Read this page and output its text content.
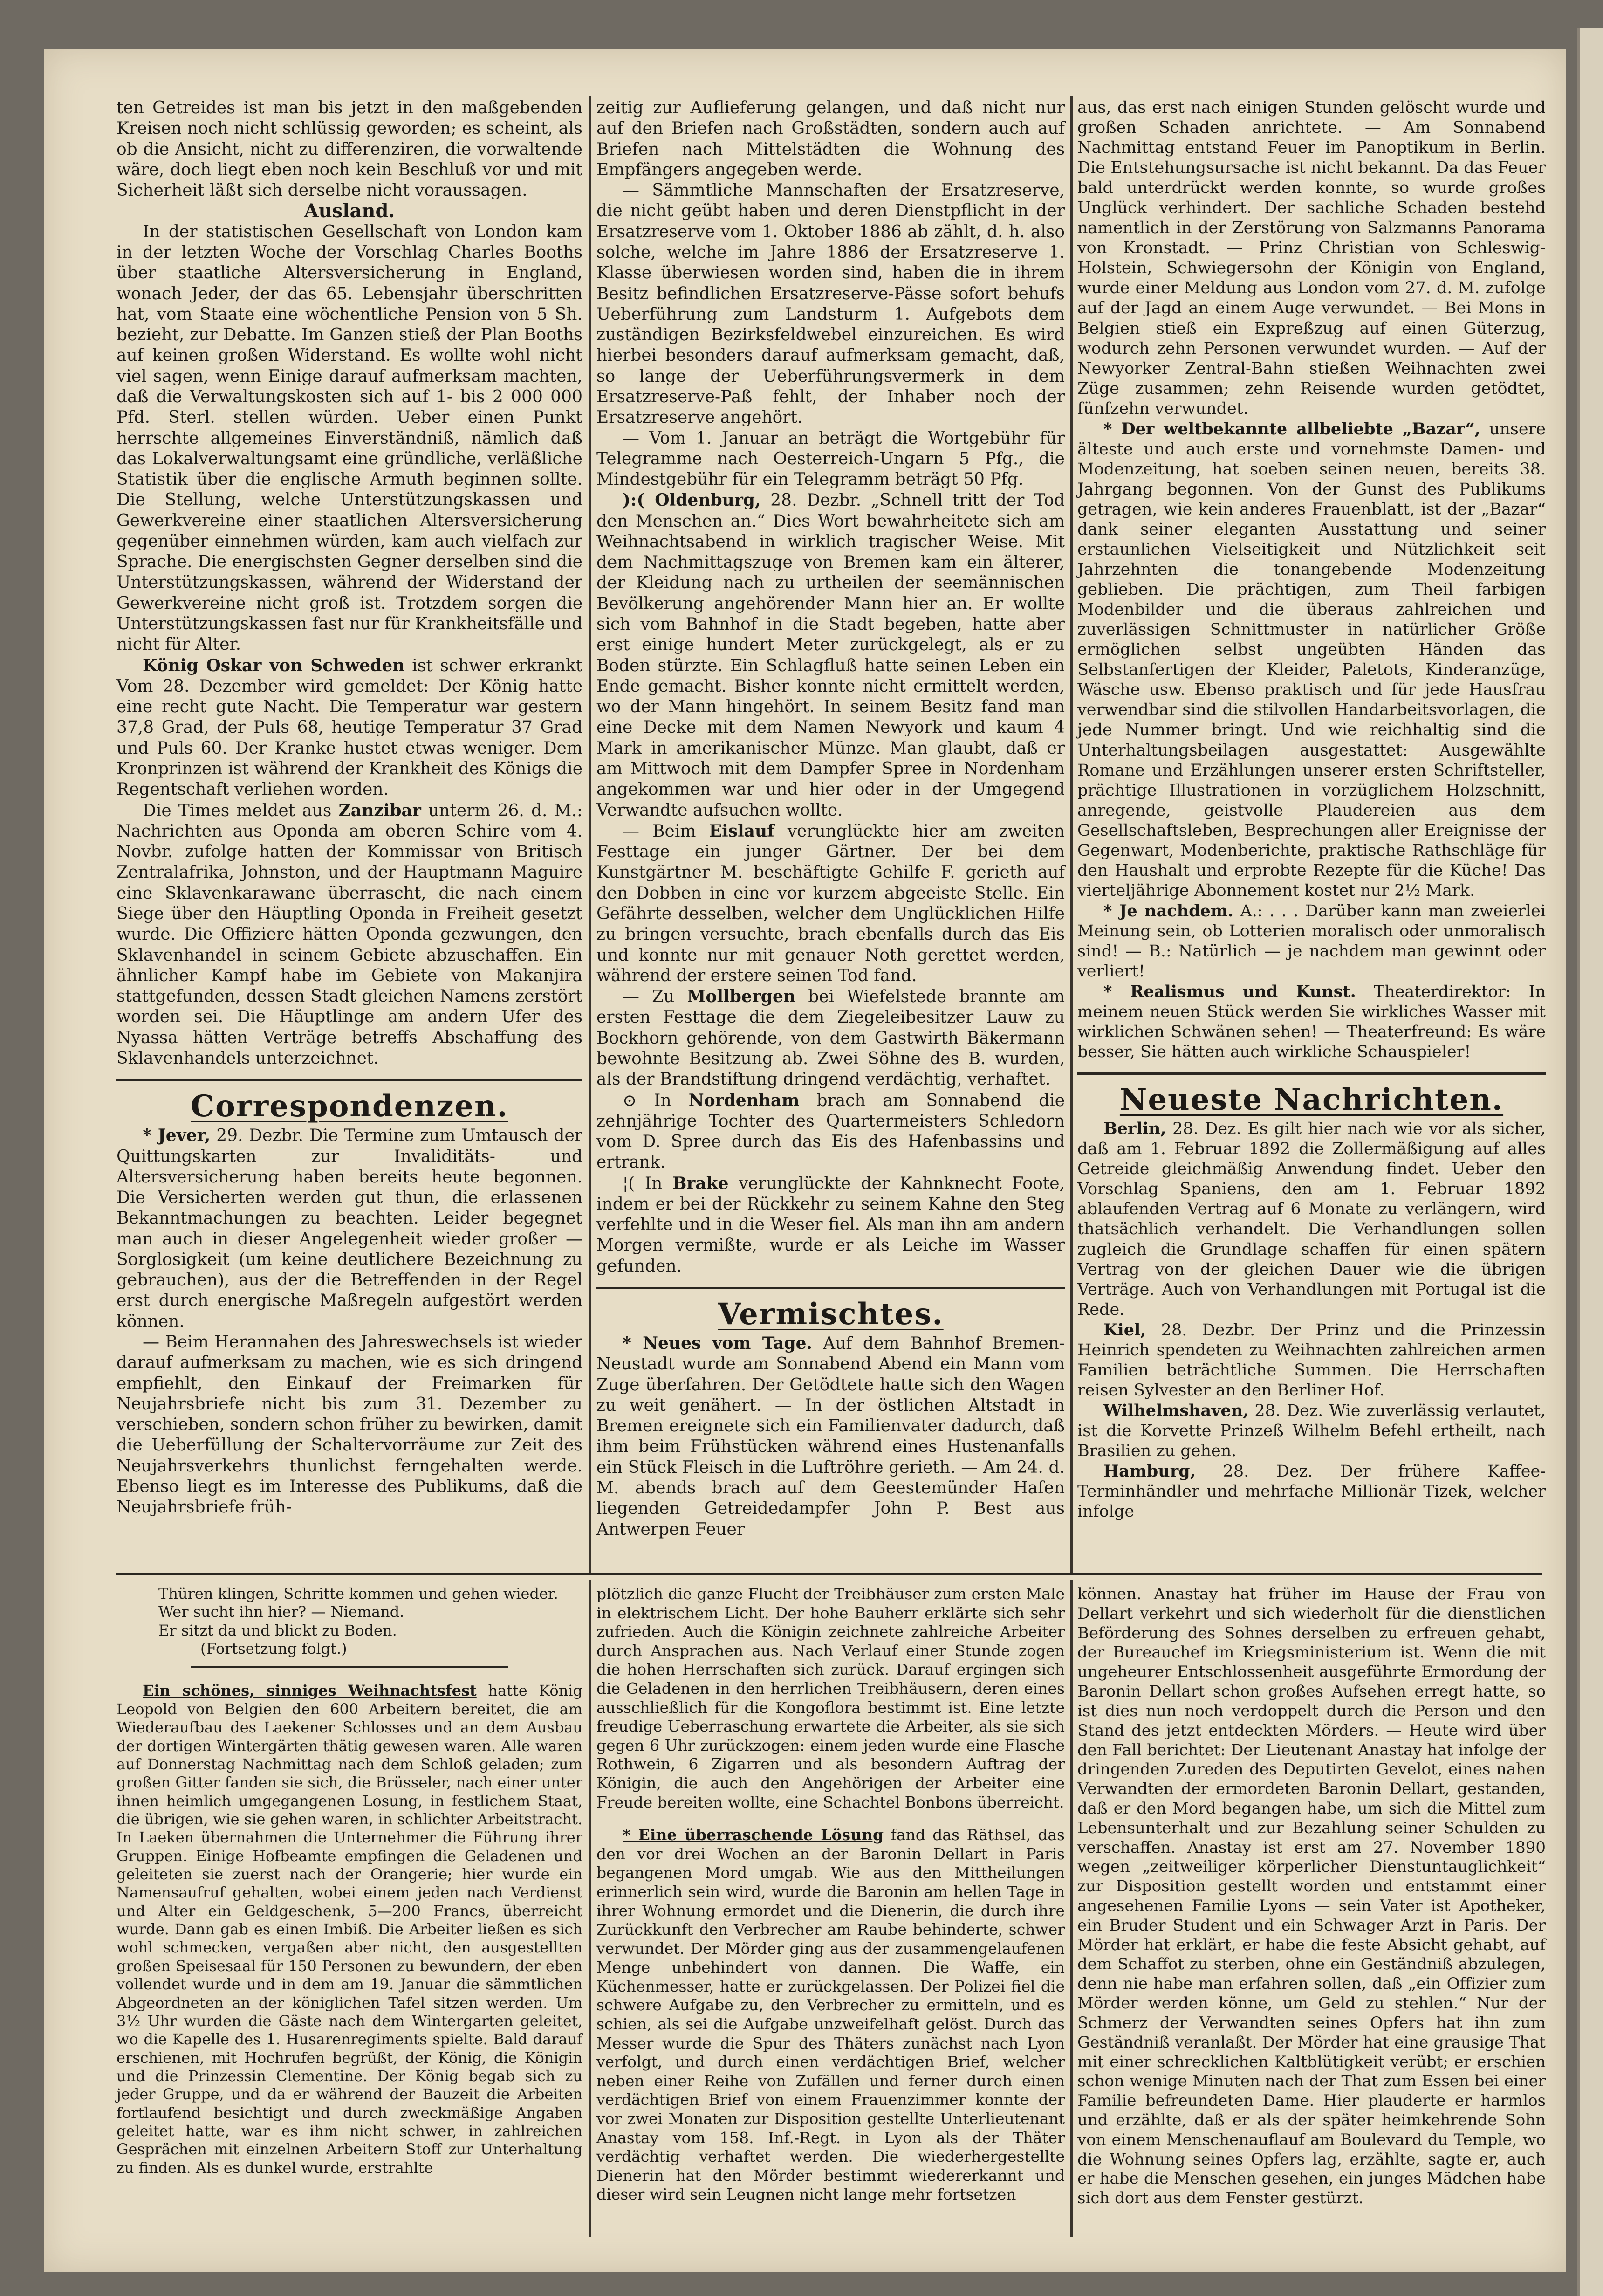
ten Getreides ist man bis jetzt in den maßgebenden Kreisen noch nicht schlüssig geworden; es scheint, als ob die Ansicht, nicht zu differenziren, die vorwaltende wäre, doch liegt eben noch kein Beschluß vor und mit Sicherheit läßt sich derselbe nicht voraussagen.

Ausland.

In der statistischen Gesellschaft von London kam in der letzten Woche der Vorschlag Charles Booths über staatliche Altersversicherung in England, wonach Jeder, der das 65. Lebensjahr überschritten hat, vom Staate eine wöchentliche Pension von 5 Sh. bezieht, zur Debatte. Im Ganzen stieß der Plan Booths auf keinen großen Widerstand. Es wollte wohl nicht viel sagen, wenn Einige darauf aufmerksam machten, daß die Verwaltungskosten sich auf 1- bis 2 000 000 Pfd. Sterl. stellen würden. Ueber einen Punkt herrschte allgemeines Einverständniß, nämlich daß das Lokalverwaltungsamt eine gründliche, verläßliche Statistik über die englische Armuth beginnen sollte. Die Stellung, welche Unterstützungskassen und Gewerkvereine einer staatlichen Altersversicherung gegenüber einnehmen würden, kam auch vielfach zur Sprache. Die energischsten Gegner derselben sind die Unterstützungskassen, während der Widerstand der Gewerkvereine nicht groß ist. Trotzdem sorgen die Unterstützungskassen fast nur für Krankheitsfälle und nicht für Alter.

König Oskar von Schweden ist schwer erkrankt Vom 28. Dezember wird gemeldet: Der König hatte eine recht gute Nacht. Die Temperatur war gestern 37,8 Grad, der Puls 68, heutige Temperatur 37 Grad und Puls 60. Der Kranke hustet etwas weniger. Dem Kronprinzen ist während der Krankheit des Königs die Regentschaft verliehen worden.

Die Times meldet aus Zanzibar unterm 26. d. M.: Nachrichten aus Oponda am oberen Schire vom 4. Novbr. zufolge hatten der Kommissar von Britisch Zentralafrika, Johnston, und der Hauptmann Maguire eine Sklavenkarawane überrascht, die nach einem Siege über den Häuptling Oponda in Freiheit gesetzt wurde. Die Offiziere hätten Oponda gezwungen, den Sklavenhandel in seinem Gebiete abzuschaffen. Ein ähnlicher Kampf habe im Gebiete von Makanjira stattgefunden, dessen Stadt gleichen Namens zerstört worden sei. Die Häuptlinge am andern Ufer des Nyassa hätten Verträge betreffs Abschaffung des Sklavenhandels unterzeichnet.

Correspondenzen.

* Jever, 29. Dezbr. Die Termine zum Umtausch der Quittungskarten zur Invaliditäts- und Altersversicherung haben bereits heute begonnen. Die Versicherten werden gut thun, die erlassenen Bekanntmachungen zu beachten. Leider begegnet man auch in dieser Angelegenheit wieder großer — Sorglosigkeit (um keine deutlichere Bezeichnung zu gebrauchen), aus der die Betreffenden in der Regel erst durch energische Maßregeln aufgestört werden können.

— Beim Herannahen des Jahreswechsels ist wieder darauf aufmerksam zu machen, wie es sich dringend empfiehlt, den Einkauf der Freimarken für Neujahrsbriefe nicht bis zum 31. Dezember zu verschieben, sondern schon früher zu bewirken, damit die Ueberfüllung der Schaltervorräume zur Zeit des Neujahrsverkehrs thunlichst ferngehalten werde. Ebenso liegt es im Interesse des Publikums, daß die Neujahrsbriefe früh-

zeitig zur Auflieferung gelangen, und daß nicht nur auf den Briefen nach Großstädten, sondern auch auf Briefen nach Mittelstädten die Wohnung des Empfängers angegeben werde.

— Sämmtliche Mannschaften der Ersatzreserve, die nicht geübt haben und deren Dienstpflicht in der Ersatzreserve vom 1. Oktober 1886 ab zählt, d. h. also solche, welche im Jahre 1886 der Ersatzreserve 1. Klasse überwiesen worden sind, haben die in ihrem Besitz befindlichen Ersatzreserve-Pässe sofort behufs Ueberführung zum Landsturm 1. Aufgebots dem zuständigen Bezirksfeldwebel einzureichen. Es wird hierbei besonders darauf aufmerksam gemacht, daß, so lange der Ueberführungsvermerk in dem Ersatzreserve-Paß fehlt, der Inhaber noch der Ersatzreserve angehört.

— Vom 1. Januar an beträgt die Wortgebühr für Telegramme nach Oesterreich-Ungarn 5 Pfg., die Mindestgebühr für ein Telegramm beträgt 50 Pfg.

):( Oldenburg, 28. Dezbr. „Schnell tritt der Tod den Menschen an.“ Dies Wort bewahrheitete sich am Weihnachtsabend in wirklich tragischer Weise. Mit dem Nachmittagszuge von Bremen kam ein älterer, der Kleidung nach zu urtheilen der seemännischen Bevölkerung angehörender Mann hier an. Er wollte sich vom Bahnhof in die Stadt begeben, hatte aber erst einige hundert Meter zurückgelegt, als er zu Boden stürzte. Ein Schlagfluß hatte seinen Leben ein Ende gemacht. Bisher konnte nicht ermittelt werden, wo der Mann hingehört. In seinem Besitz fand man eine Decke mit dem Namen Newyork und kaum 4 Mark in amerikanischer Münze. Man glaubt, daß er am Mittwoch mit dem Dampfer Spree in Nordenham angekommen war und hier oder in der Umgegend Verwandte aufsuchen wollte.

— Beim Eislauf verunglückte hier am zweiten Festtage ein junger Gärtner. Der bei dem Kunstgärtner M. beschäftigte Gehilfe F. gerieth auf den Dobben in eine vor kurzem abgeeiste Stelle. Ein Gefährte desselben, welcher dem Unglücklichen Hilfe zu bringen versuchte, brach ebenfalls durch das Eis und konnte nur mit genauer Noth gerettet werden, während der erstere seinen Tod fand.

— Zu Mollbergen bei Wiefelstede brannte am ersten Festtage die dem Ziegeleibesitzer Lauw zu Bockhorn gehörende, von dem Gastwirth Bäkermann bewohnte Besitzung ab. Zwei Söhne des B. wurden, als der Brandstiftung dringend verdächtig, verhaftet.

⊙ In Nordenham brach am Sonnabend die zehnjährige Tochter des Quartermeisters Schledorn vom D. Spree durch das Eis des Hafenbassins und ertrank.

¦( In Brake verunglückte der Kahnknecht Foote, indem er bei der Rückkehr zu seinem Kahne den Steg verfehlte und in die Weser fiel. Als man ihn am andern Morgen vermißte, wurde er als Leiche im Wasser gefunden.

Vermischtes.

* Neues vom Tage. Auf dem Bahnhof Bremen-Neustadt wurde am Sonnabend Abend ein Mann vom Zuge überfahren. Der Getödtete hatte sich den Wagen zu weit genähert. — In der östlichen Altstadt in Bremen ereignete sich ein Familienvater dadurch, daß ihm beim Frühstücken während eines Hustenanfalls ein Stück Fleisch in die Luftröhre gerieth. — Am 24. d. M. abends brach auf dem Geestemünder Hafen liegenden Getreidedampfer John P. Best aus Antwerpen Feuer

aus, das erst nach einigen Stunden gelöscht wurde und großen Schaden anrichtete. — Am Sonnabend Nachmittag entstand Feuer im Panoptikum in Berlin. Die Entstehungsursache ist nicht bekannt. Da das Feuer bald unterdrückt werden konnte, so wurde großes Unglück verhindert. Der sachliche Schaden bestehd namentlich in der Zerstörung von Salzmanns Panorama von Kronstadt. — Prinz Christian von Schleswig-Holstein, Schwiegersohn der Königin von England, wurde einer Meldung aus London vom 27. d. M. zufolge auf der Jagd an einem Auge verwundet. — Bei Mons in Belgien stieß ein Expreßzug auf einen Güterzug, wodurch zehn Personen verwundet wurden. — Auf der Newyorker Zentral-Bahn stießen Weihnachten zwei Züge zusammen; zehn Reisende wurden getödtet, fünfzehn verwundet.

* Der weltbekannte allbeliebte „Bazar“, unsere älteste und auch erste und vornehmste Damen- und Modenzeitung, hat soeben seinen neuen, bereits 38. Jahrgang begonnen. Von der Gunst des Publikums getragen, wie kein anderes Frauenblatt, ist der „Bazar“ dank seiner eleganten Ausstattung und seiner erstaunlichen Vielseitigkeit und Nützlichkeit seit Jahrzehnten die tonangebende Modenzeitung geblieben. Die prächtigen, zum Theil farbigen Modenbilder und die überaus zahlreichen und zuverlässigen Schnittmuster in natürlicher Größe ermöglichen selbst ungeübten Händen das Selbstanfertigen der Kleider, Paletots, Kinderanzüge, Wäsche usw. Ebenso praktisch und für jede Hausfrau verwendbar sind die stilvollen Handarbeitsvorlagen, die jede Nummer bringt. Und wie reichhaltig sind die Unterhaltungsbeilagen ausgestattet: Ausgewählte Romane und Erzählungen unserer ersten Schriftsteller, prächtige Illustrationen in vorzüglichem Holzschnitt, anregende, geistvolle Plaudereien aus dem Gesellschaftsleben, Besprechungen aller Ereignisse der Gegenwart, Modenberichte, praktische Rathschläge für den Haushalt und erprobte Rezepte für die Küche! Das vierteljährige Abonnement kostet nur 2½ Mark.

* Je nachdem. A.: . . . Darüber kann man zweierlei Meinung sein, ob Lotterien moralisch oder unmoralisch sind! — B.: Natürlich — je nachdem man gewinnt oder verliert!

* Realismus und Kunst. Theaterdirektor: In meinem neuen Stück werden Sie wirkliches Wasser mit wirklichen Schwänen sehen! — Theaterfreund: Es wäre besser, Sie hätten auch wirkliche Schauspieler!

Neueste Nachrichten.

Berlin, 28. Dez. Es gilt hier nach wie vor als sicher, daß am 1. Februar 1892 die Zollermäßigung auf alles Getreide gleichmäßig Anwendung findet. Ueber den Vorschlag Spaniens, den am 1. Februar 1892 ablaufenden Vertrag auf 6 Monate zu verlängern, wird thatsächlich verhandelt. Die Verhandlungen sollen zugleich die Grundlage schaffen für einen spätern Vertrag von der gleichen Dauer wie die übrigen Verträge. Auch von Verhandlungen mit Portugal ist die Rede.

Kiel, 28. Dezbr. Der Prinz und die Prinzessin Heinrich spendeten zu Weihnachten zahlreichen armen Familien beträchtliche Summen. Die Herrschaften reisen Sylvester an den Berliner Hof.

Wilhelmshaven, 28. Dez. Wie zuverlässig verlautet, ist die Korvette Prinzeß Wilhelm Befehl ertheilt, nach Brasilien zu gehen.

Hamburg, 28. Dez. Der frühere Kaffee-Terminhändler und mehrfache Millionär Tizek, welcher infolge

Thüren klingen, Schritte kommen und gehen wieder.

Wer sucht ihn hier? — Niemand.

Er sitzt da und blickt zu Boden.

(Fortsetzung folgt.)

Ein schönes, sinniges Weihnachtsfest hatte König Leopold von Belgien den 600 Arbeitern bereitet, die am Wiederaufbau des Laekener Schlosses und an dem Ausbau der dortigen Wintergärten thätig gewesen waren. Alle waren auf Donnerstag Nachmittag nach dem Schloß geladen; zum großen Gitter fanden sie sich, die Brüsseler, nach einer unter ihnen heimlich umgegangenen Losung, in festlichem Staat, die übrigen, wie sie gehen waren, in schlichter Arbeitstracht. In Laeken übernahmen die Unternehmer die Führung ihrer Gruppen. Einige Hofbeamte empfingen die Geladenen und geleiteten sie zuerst nach der Orangerie; hier wurde ein Namensaufruf gehalten, wobei einem jeden nach Verdienst und Alter ein Geldgeschenk, 5—200 Francs, überreicht wurde. Dann gab es einen Imbiß. Die Arbeiter ließen es sich wohl schmecken, vergaßen aber nicht, den ausgestellten großen Speisesaal für 150 Personen zu bewundern, der eben vollendet wurde und in dem am 19. Januar die sämmtlichen Abgeordneten an der königlichen Tafel sitzen werden. Um 3½ Uhr wurden die Gäste nach dem Wintergarten geleitet, wo die Kapelle des 1. Husarenregiments spielte. Bald darauf erschienen, mit Hochrufen begrüßt, der König, die Königin und die Prinzessin Clementine. Der König begab sich zu jeder Gruppe, und da er während der Bauzeit die Arbeiten fortlaufend besichtigt und durch zweckmäßige Angaben geleitet hatte, war es ihm nicht schwer, in zahlreichen Gesprächen mit einzelnen Arbeitern Stoff zur Unterhaltung zu finden. Als es dunkel wurde, erstrahlte

plötzlich die ganze Flucht der Treibhäuser zum ersten Male in elektrischem Licht. Der hohe Bauherr erklärte sich sehr zufrieden. Auch die Königin zeichnete zahlreiche Arbeiter durch Ansprachen aus. Nach Verlauf einer Stunde zogen die hohen Herrschaften sich zurück. Darauf ergingen sich die Geladenen in den herrlichen Treibhäusern, deren eines ausschließlich für die Kongoflora bestimmt ist. Eine letzte freudige Ueberraschung erwartete die Arbeiter, als sie sich gegen 6 Uhr zurückzogen: einem jeden wurde eine Flasche Rothwein, 6 Zigarren und als besondern Auftrag der Königin, die auch den Angehörigen der Arbeiter eine Freude bereiten wollte, eine Schachtel Bonbons überreicht.

* Eine überraschende Lösung fand das Räthsel, das den vor drei Wochen an der Baronin Dellart in Paris begangenen Mord umgab. Wie aus den Mittheilungen erinnerlich sein wird, wurde die Baronin am hellen Tage in ihrer Wohnung ermordet und die Dienerin, die durch ihre Zurückkunft den Verbrecher am Raube behinderte, schwer verwundet. Der Mörder ging aus der zusammengelaufenen Menge unbehindert von dannen. Die Waffe, ein Küchenmesser, hatte er zurückgelassen. Der Polizei fiel die schwere Aufgabe zu, den Verbrecher zu ermitteln, und es schien, als sei die Aufgabe unzweifelhaft gelöst. Durch das Messer wurde die Spur des Thäters zunächst nach Lyon verfolgt, und durch einen verdächtigen Brief, welcher neben einer Reihe von Zufällen und ferner durch einen verdächtigen Brief von einem Frauenzimmer konnte der vor zwei Monaten zur Disposition gestellte Unterlieutenant Anastay vom 158. Inf.-Regt. in Lyon als der Thäter verdächtig verhaftet werden. Die wiederhergestellte Dienerin hat den Mörder bestimmt wiedererkannt und dieser wird sein Leugnen nicht lange mehr fortsetzen

können. Anastay hat früher im Hause der Frau von Dellart verkehrt und sich wiederholt für die dienstlichen Beförderung des Sohnes derselben zu erfreuen gehabt, der Bureauchef im Kriegsministerium ist. Wenn die mit ungeheurer Entschlossenheit ausgeführte Ermordung der Baronin Dellart schon großes Aufsehen erregt hatte, so ist dies nun noch verdoppelt durch die Person und den Stand des jetzt entdeckten Mörders. — Heute wird über den Fall berichtet: Der Lieutenant Anastay hat infolge der dringenden Zureden des Deputirten Gevelot, eines nahen Verwandten der ermordeten Baronin Dellart, gestanden, daß er den Mord begangen habe, um sich die Mittel zum Lebensunterhalt und zur Bezahlung seiner Schulden zu verschaffen. Anastay ist erst am 27. November 1890 wegen „zeitweiliger körperlicher Dienstuntauglichkeit“ zur Disposition gestellt worden und entstammt einer angesehenen Familie Lyons — sein Vater ist Apotheker, ein Bruder Student und ein Schwager Arzt in Paris. Der Mörder hat erklärt, er habe die feste Absicht gehabt, auf dem Schaffot zu sterben, ohne ein Geständniß abzulegen, denn nie habe man erfahren sollen, daß „ein Offizier zum Mörder werden könne, um Geld zu stehlen.“ Nur der Schmerz der Verwandten seines Opfers hat ihn zum Geständniß veranlaßt. Der Mörder hat eine grausige That mit einer schrecklichen Kaltblütigkeit verübt; er erschien schon wenige Minuten nach der That zum Essen bei einer Familie befreundeten Dame. Hier plauderte er harmlos und erzählte, daß er als der später heimkehrende Sohn von einem Menschenauflauf am Boulevard du Temple, wo die Wohnung seines Opfers lag, erzählte, sagte er, auch er habe die Menschen gesehen, ein junges Mädchen habe sich dort aus dem Fenster gestürzt.
